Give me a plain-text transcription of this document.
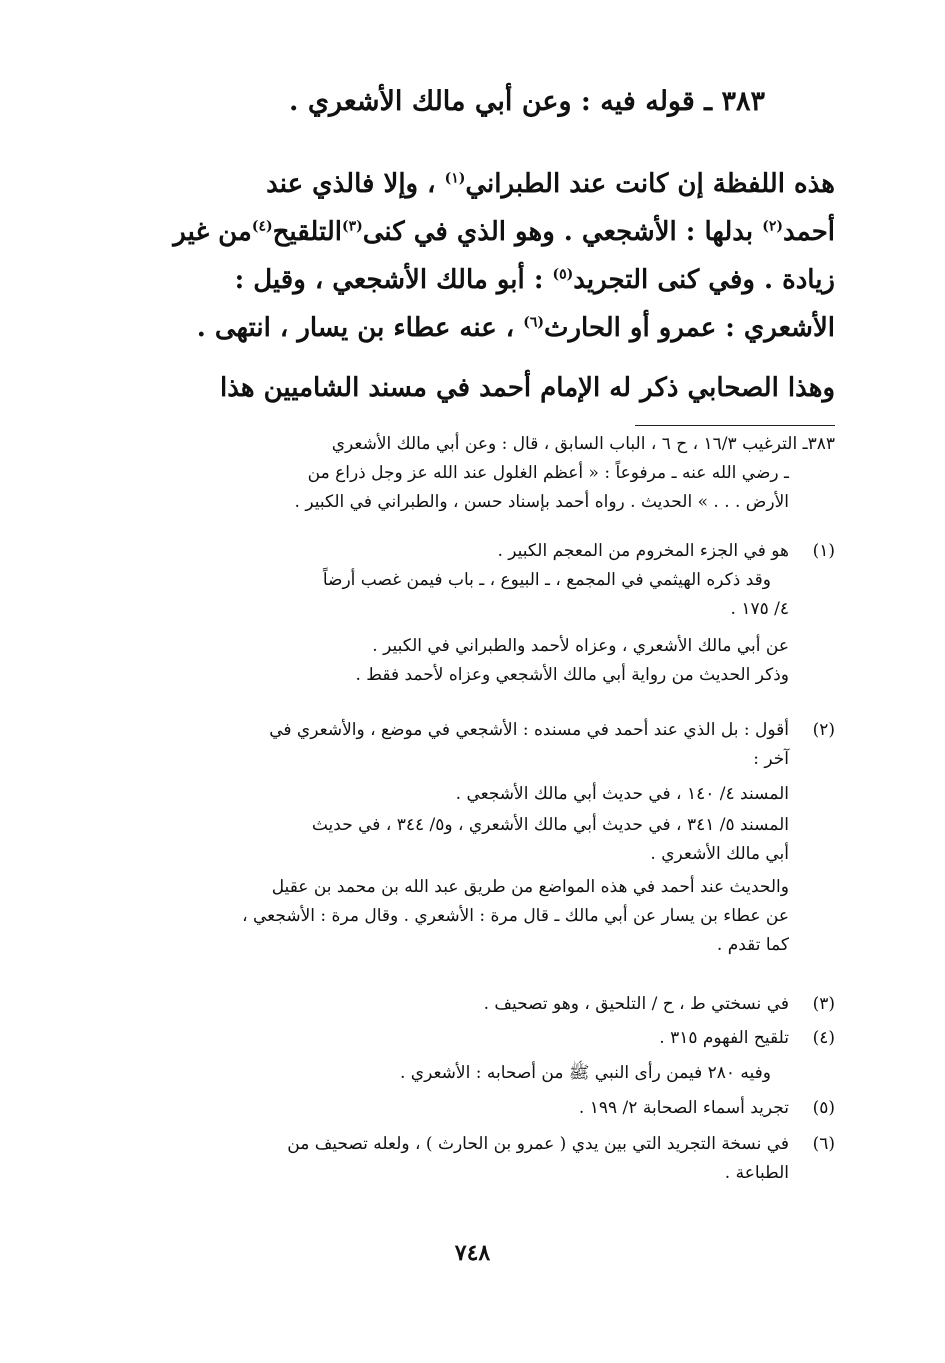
٣٨٣ ـ قوله فيه : وعن أبي مالك الأشعري .
هذه اللفظة إن كانت عند الطبراني$^{(١)}$ ، وإلا فالذي عند
أحمد$^{(٢)}$ بدلها : الأشجعي . وهو الذي في كنى$^{(٣)}$التلقيح$^{(٤)}$من غير
زيادة . وفي كنى التجريد$^{(٥)}$ : أبو مالك الأشجعي ، وقيل :
الأشعري : عمرو أو الحارث$^{(٦)}$ ، عنه عطاء بن يسار ، انتهى .
وهذا الصحابي ذكر له الإمام أحمد في مسند الشاميين هذا
٣٨٣ـ الترغيب ١٦/٣ ، ح ٦ ، الباب السابق ، قال : وعن أبي مالك الأشعري
ـ رضي الله عنه ـ مرفوعاً : « أعظم الغلول عند الله عز وجل ذراع من
الأرض . . . » الحديث . رواه أحمد بإسناد حسن ، والطبراني في الكبير .
(١)
هو في الجزء المخروم من المعجم الكبير .
وقد ذكره الهيثمي في المجمع ، ـ البيوع ، ـ باب فيمن غصب أرضاً
٤/ ١٧٥ .
عن أبي مالك الأشعري ، وعزاه لأحمد والطبراني في الكبير .
وذكر الحديث من رواية أبي مالك الأشجعي وعزاه لأحمد فقط .
(٢)
أقول : بل الذي عند أحمد في مسنده : الأشجعي في موضع ، والأشعري في
آخر :
المسند ٤/ ١٤٠ ، في حديث أبي مالك الأشجعي .
المسند ٥/ ٣٤١ ، في حديث أبي مالك الأشعري ، و٥/ ٣٤٤ ، في حديث
أبي مالك الأشعري .
والحديث عند أحمد في هذه المواضع من طريق عبد الله بن محمد بن عقيل
عن عطاء بن يسار عن أبي مالك ـ قال مرة : الأشعري . وقال مرة : الأشجعي ،
كما تقدم .
(٣)
في نسختي ط ، ح / التلحيق ، وهو تصحيف .
(٤)
تلقيح الفهوم ٣١٥ .
وفيه ٢٨٠ فيمن رأى النبي ﷺ من أصحابه : الأشعري .
(٥)
تجريد أسماء الصحابة ٢/ ١٩٩ .
(٦)
في نسخة التجريد التي بين يدي ( عمرو بن الحارث ) ، ولعله تصحيف من
الطباعة .
٧٤٨
